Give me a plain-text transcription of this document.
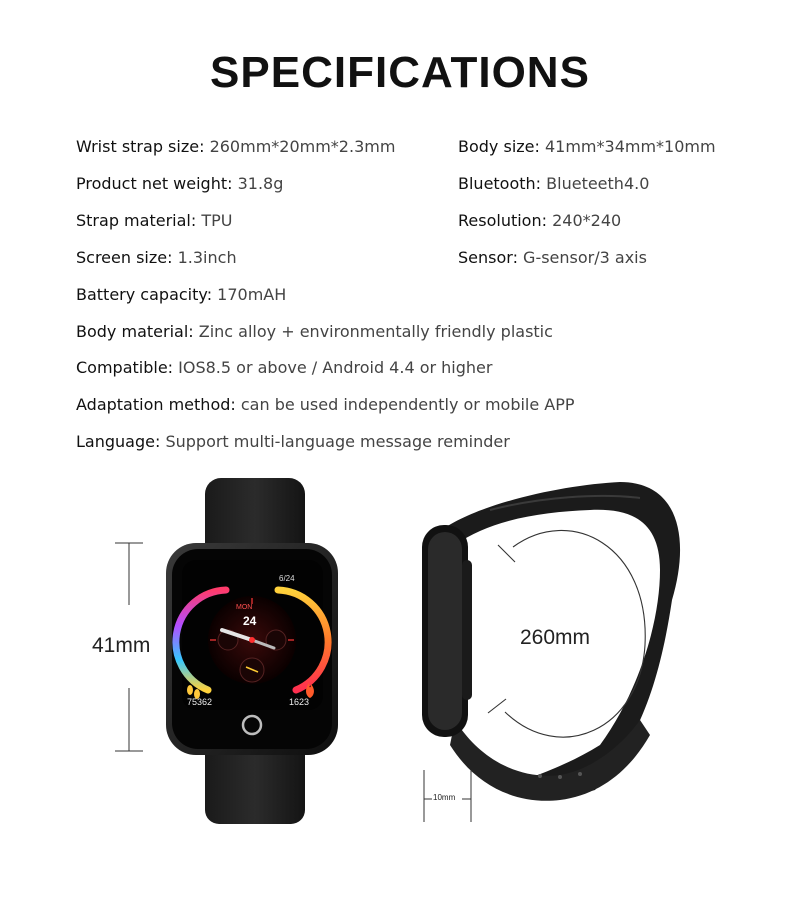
SPECIFICATIONS
Wrist strap size: 260mm*20mm*2.3mm
Product net weight: 31.8g
Strap material: TPU
Screen size: 1.3inch
Body size: 41mm*34mm*10mm
Bluetooth: Blueteeth4.0
Resolution: 240*240
Sensor: G-sensor/3 axis
Battery capacity: 170mAH
Body material: Zinc alloy + environmentally friendly plastic
Compatible: IOS8.5 or above / Android 4.4 or higher
Adaptation method: can be used independently or mobile APP
Language: Support multi-language message reminder
6/24
MON
24
75362	1623
41mm	260mm
10mm
